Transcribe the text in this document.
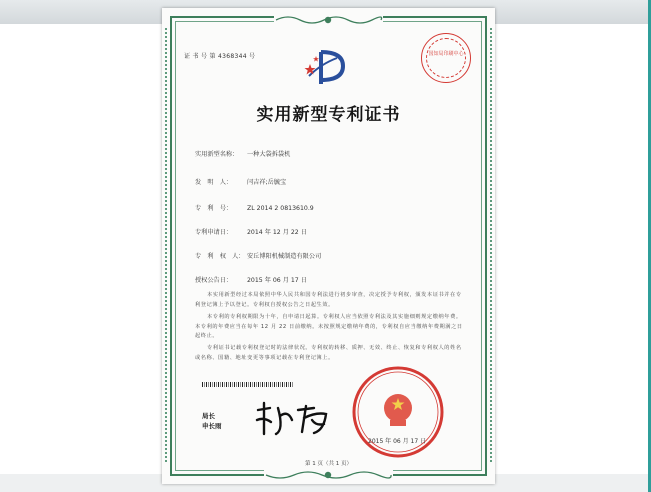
证 书 号 第 4368344 号	国知局印刷中心
实用新型专利证书
实用新型名称： 一种大袋拆袋机
发　明　人： 闫吉祥;岳毓宝
专　利　号： ZL 2014 2 0813610.9
专利申请日： 2014 年 12 月 22 日
专　利　权　人： 安丘博阳机械制造有限公司
授权公告日： 2015 年 06 月 17 日
本实用新型经过本局依照中华人民共和国专利法进行初步审查，决定授予专利权，颁发本证书并在专利登记簿上予以登记。专利权自授权公告之日起生效。
本专利的专利权期限为十年，自申请日起算。专利权人应当依照专利法及其实施细则规定缴纳年费。本专利的年费应当在每年 12 月 22 日前缴纳。未按照规定缴纳年费的，专利权自应当缴纳年费期满之日起终止。
专利证书记载专利权登记时的法律状况。专利权的转移、质押、无效、终止、恢复和专利权人的姓名或名称、国籍、地址变更等事项记载在专利登记簿上。
局长
申长雨
2015 年 06 月 17 日
第 1 页（共 1 页）
